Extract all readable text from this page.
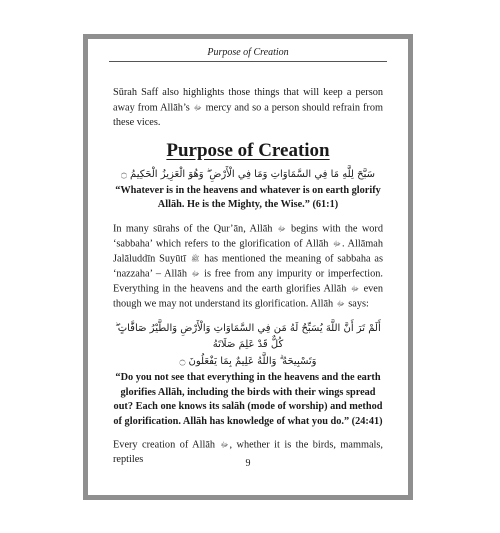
Purpose of Creation

Sūrah Saff also highlights those things that will keep a person away from Allāh’s ﷻ mercy and so a person should refrain from these vices.

Purpose of Creation
سَبَّحَ لِلَّهِ مَا فِي السَّمَاوَاتِ وَمَا فِي الْأَرْضِ ۖ وَهُوَ الْعَزِيزُ الْحَكِيمُ ۝
“Whatever is in the heavens and whatever is on earth glorify Allāh. He is the Mighty, the Wise.” (61:1)

In many sūrahs of the Qur’ān, Allāh ﷻ begins with the word ‘sabbaha’ which refers to the glorification of Allāh ﷻ. Allāmah Jalāluddīn Suyūtī ﷺ has mentioned the meaning of sabbaha as ‘nazzaha’ – Allāh ﷻ is free from any impurity or imperfection. Everything in the heavens and the earth glorifies Allāh ﷻ even though we may not understand its glorification. Allāh ﷻ says:

أَلَمْ تَرَ أَنَّ اللَّهَ يُسَبِّحُ لَهُ مَن فِي السَّمَاوَاتِ وَالْأَرْضِ وَالطَّيْرُ صَافَّاتٍ ۖ كُلٌّ قَدْ عَلِمَ صَلَاتَهُ
وَتَسْبِيحَهُ ۗ وَاللَّهُ عَلِيمٌ بِمَا يَفْعَلُونَ ۝
“Do you not see that everything in the heavens and the earth glorifies Allāh, including the birds with their wings spread out? Each one knows its salāh (mode of worship) and method of glorification. Allāh has knowledge of what you do.” (24:41)

Every creation of Allāh ﷻ, whether it is the birds, mammals, reptiles	9
